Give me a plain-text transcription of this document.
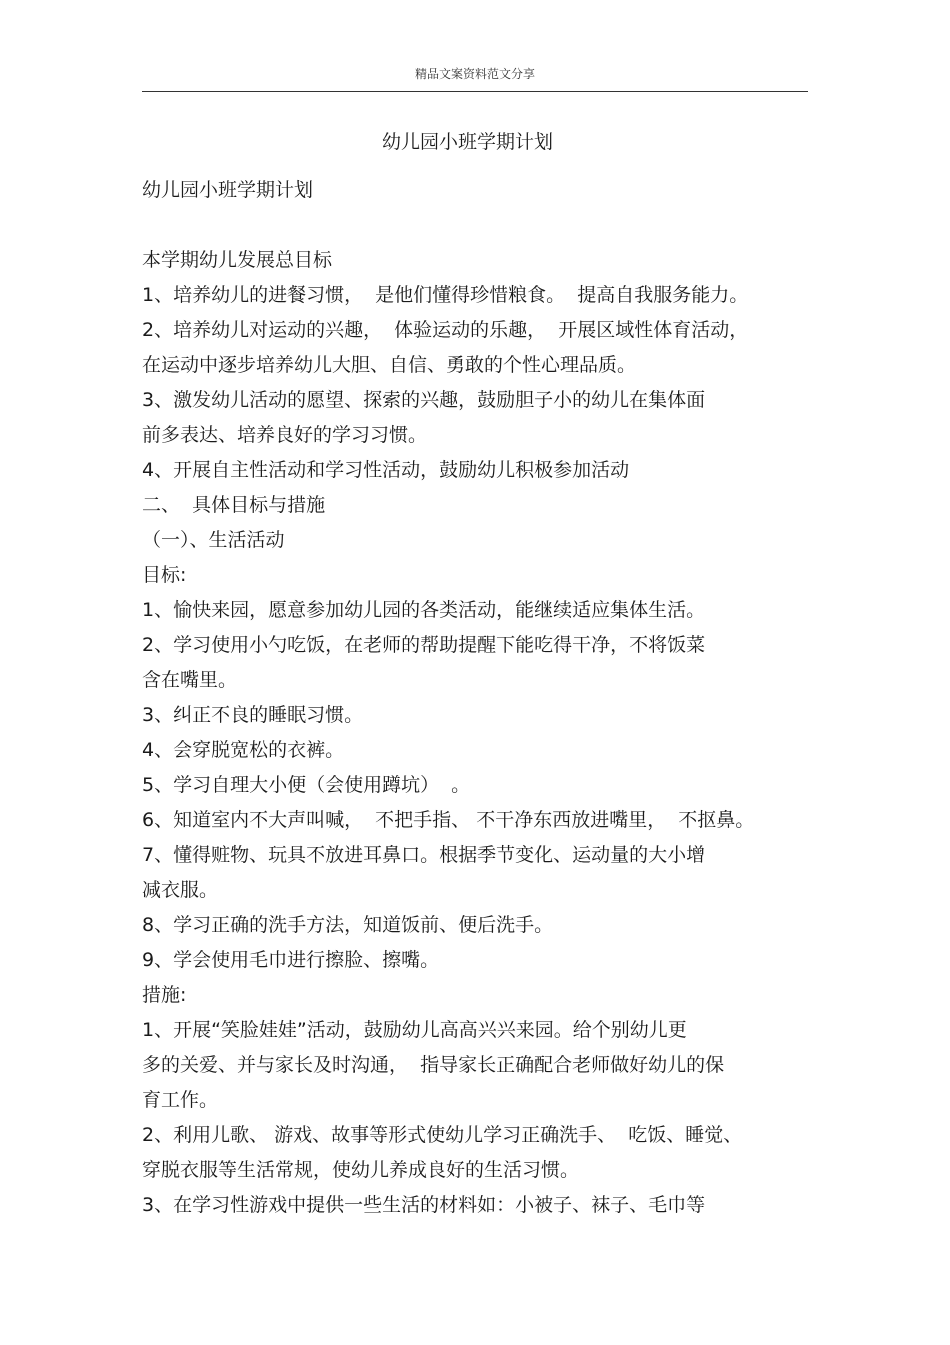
精品文案资料范文分享
幼儿园小班学期计划
幼儿园小班学期计划
本学期幼儿发展总目标
1、培养幼儿的进餐习惯，  是他们懂得珍惜粮食。  提高自我服务能力。
2、培养幼儿对运动的兴趣，  体验运动的乐趣，  开展区域性体育活动，
在运动中逐步培养幼儿大胆、自信、勇敢的个性心理品质。
3、激发幼儿活动的愿望、探索的兴趣，鼓励胆子小的幼儿在集体面
前多表达、培养良好的学习习惯。
4、开展自主性活动和学习性活动，鼓励幼儿积极参加活动
二、  具体目标与措施
（一）、生活活动
目标:
1、愉快来园，愿意参加幼儿园的各类活动，能继续适应集体生活。
2、学习使用小勺吃饭，在老师的帮助提醒下能吃得干净，不将饭菜
含在嘴里。
3、纠正不良的睡眠习惯。
4、会穿脱宽松的衣裤。
5、学习自理大小便（会使用蹲坑）  。
6、知道室内不大声叫喊，  不把手指、 不干净东西放进嘴里，  不抠鼻。
7、懂得赃物、玩具不放进耳鼻口。根据季节变化、运动量的大小增
减衣服。
8、学习正确的洗手方法，知道饭前、便后洗手。
9、学会使用毛巾进行擦脸、擦嘴。
措施:
1、开展“笑脸娃娃”活动，鼓励幼儿高高兴兴来园。给个别幼儿更
多的关爱、并与家长及时沟通，  指导家长正确配合老师做好幼儿的保
育工作。
2、利用儿歌、 游戏、故事等形式使幼儿学习正确洗手、  吃饭、睡觉、
穿脱衣服等生活常规，使幼儿养成良好的生活习惯。
3、在学习性游戏中提供一些生活的材料如：小被子、袜子、毛巾等
